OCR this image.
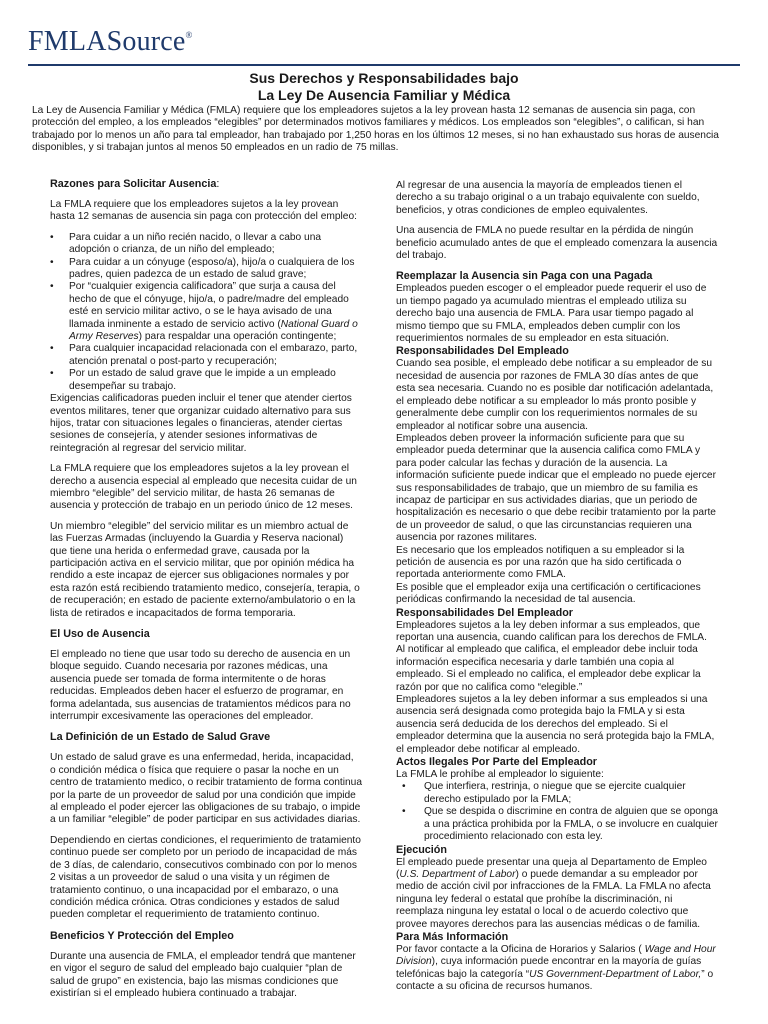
FMLASource®
Sus Derechos y Responsabilidades bajo
La Ley De Ausencia Familiar y Médica

La Ley de Ausencia Familiar y Médica (FMLA) requiere que los empleadores sujetos a la ley provean hasta 12 semanas de ausencia sin paga, con protección del empleo, a los empleados “elegibles” por determinados motivos familiares y médicos. Los empleados son “elegibles”, o califican, si han trabajado por lo menos un año para tal empleador, han trabajado por 1,250 horas en los últimos 12 meses, si no han exhaustado sus horas de ausencia disponibles, y si trabajan juntos al menos 50 empleados en un radio de 75 millas.

Razones para Solicitar Ausencia:

La FMLA requiere que los empleadores sujetos a la ley provean hasta 12 semanas de ausencia sin paga con protección del empleo:

• Para cuidar a un niño recién nacido, o llevar a cabo una adopción o crianza, de un niño del empleado;
• Para cuidar a un cónyuge (esposo/a), hijo/a o cualquiera de los padres, quien padezca de un estado de salud grave;
• Por “cualquier exigencia calificadora” que surja a causa del hecho de que el cónyuge, hijo/a, o padre/madre del empleado esté en servicio militar activo, o se le haya avisado de una llamada inminente a estado de servicio activo (National Guard o Army Reserves) para respaldar una operación contingente;
• Para cualquier incapacidad relacionada con el embarazo, parto, atención prenatal o post-parto y recuperación;
• Por un estado de salud grave que le impide a un empleado desempeñar su trabajo.

Exigencias calificadoras pueden incluir el tener que atender ciertos eventos militares, tener que organizar cuidado alternativo para sus hijos, tratar con situaciones legales o financieras, atender ciertas sesiones de consejería, y atender sesiones informativas de reintegración al regresar del servicio militar.

La FMLA requiere que los empleadores sujetos a la ley provean el derecho a ausencia especial al empleado que necesita cuidar de un miembro “elegible” del servicio militar, de hasta 26 semanas de ausencia y protección de trabajo en un periodo único de 12 meses.

Un miembro “elegible” del servicio militar es un miembro actual de las Fuerzas Armadas (incluyendo la Guardia y Reserva nacional) que tiene una herida o enfermedad grave, causada por la participación activa en el servicio militar, que por opinión médica ha rendido a este incapaz de ejercer sus obligaciones normales y por esta razón está recibiendo tratamiento medico, consejería, terapia, o de recuperación; en estado de paciente externo/ambulatorio o en la lista de retirados e incapacitados de forma temporaria.

El Uso de Ausencia

El empleado no tiene que usar todo su derecho de ausencia en un bloque seguido. Cuando necesaria por razones médicas, una ausencia puede ser tomada de forma intermitente o de horas reducidas. Empleados deben hacer el esfuerzo de programar, en forma adelantada, sus ausencias de tratamientos médicos para no interrumpir excesivamente las operaciones del empleador.

La Definición de un Estado de Salud Grave

Un estado de salud grave es una enfermedad, herida, incapacidad, o condición médica o física que requiere o pasar la noche en un centro de tratamiento medico, o recibir tratamiento de forma continua por la parte de un proveedor de salud por una condición que impide al empleado el poder ejercer las obligaciones de su trabajo, o impide a un familiar “elegible” de poder participar en sus actividades diarias.

Dependiendo en ciertas condiciones, el requerimiento de tratamiento continuo puede ser completo por un periodo de incapacidad de más de 3 días, de calendario, consecutivos combinado con por lo menos 2 visitas a un proveedor de salud o una visita y un régimen de tratamiento continuo, o una incapacidad por el embarazo, o una condición médica crónica. Otras condiciones y estados de salud pueden completar el requerimiento de tratamiento continuo.

Beneficios Y Protección del Empleo

Durante una ausencia de FMLA, el empleador tendrá que mantener en vigor el seguro de salud del empleado bajo cualquier “plan de salud de grupo” en existencia, bajo las mismas condiciones que existirían si el empleado hubiera continuado a trabajar.

Al regresar de una ausencia la mayoría de empleados tienen el derecho a su trabajo original o a un trabajo equivalente con sueldo, beneficios, y otras condiciones de empleo equivalentes.

Una ausencia de FMLA no puede resultar en la pérdida de ningún beneficio acumulado antes de que el empleado comenzara la ausencia del trabajo.

Reemplazar la Ausencia sin Paga con una Pagada

Empleados pueden escoger o el empleador puede requerir el uso de un tiempo pagado ya acumulado mientras el empleado utiliza su derecho bajo una ausencia de FMLA. Para usar tiempo pagado al mismo tiempo que su FMLA, empleados deben cumplir con los requerimientos normales de su empleador en esta situación.

Responsabilidades Del Empleado

Cuando sea posible, el empleado debe notificar a su empleador de su necesidad de ausencia por razones de FMLA 30 días antes de que esta sea necesaria. Cuando no es posible dar notificación adelantada, el empleado debe notificar a su empleador lo más pronto posible y generalmente debe cumplir con los requerimientos normales de su empleador al notificar sobre una ausencia.

Empleados deben proveer la información suficiente para que su empleador pueda determinar que la ausencia califica como FMLA y para poder calcular las fechas y duración de la ausencia. La información suficiente puede indicar que el empleado no puede ejercer sus responsabilidades de trabajo, que un miembro de su familia es incapaz de participar en sus actividades diarias, que un periodo de hospitalización es necesario o que debe recibir tratamiento por la parte de un proveedor de salud, o que las circunstancias requieren una ausencia por razones militares.

Es necesario que los empleados notifiquen a su empleador si la petición de ausencia es por una razón que ha sido certificada o reportada anteriormente como FMLA.

Es posible que el empleador exija una certificación o certificaciones periódicas confirmando la necesidad de tal ausencia.

Responsabilidades Del Empleador

Empleadores sujetos a la ley deben informar a sus empleados, que reportan una ausencia, cuando califican para los derechos de FMLA. Al notificar al empleado que califica, el empleador debe incluir toda información especifica necesaria y darle también una copia al empleado. Si el empleado no califica, el empleador debe explicar la razón por que no califica como “elegible.”

Empleadores sujetos a la ley deben informar a sus empleados si una ausencia será designada como protegida bajo la FMLA y si esta ausencia será deducida de los derechos del empleado. Si el empleador determina que la ausencia no será protegida bajo la FMLA, el empleador debe notificar al empleado.

Actos Ilegales Por Parte del Empleador

La FMLA le prohíbe al empleador lo siguiente:

• Que interfiera, restrinja, o niegue que se ejercite cualquier derecho estipulado por la FMLA;
• Que se despida o discrimine en contra de alguien que se oponga a una práctica prohibida por la FMLA, o se involucre en cualquier procedimiento relacionado con esta ley.
Ejecución

El empleado puede presentar una queja al Departamento de Empleo (U.S. Department of Labor) o puede demandar a su empleador por medio de acción civil por infracciones de la FMLA. La FMLA no afecta ninguna ley federal o estatal que prohíbe la discriminación, ni reemplaza ninguna ley estatal o local o de acuerdo colectivo que provee mayores derechos para las ausencias médicas o de familia.

Para Más Información

Por favor contacte a la Oficina de Horarios y Salarios ( Wage and Hour Division), cuya información puede encontrar en la mayoría de guías telefónicas bajo la categoría “US Government-Department of Labor,” o contacte a su oficina de recursos humanos.
